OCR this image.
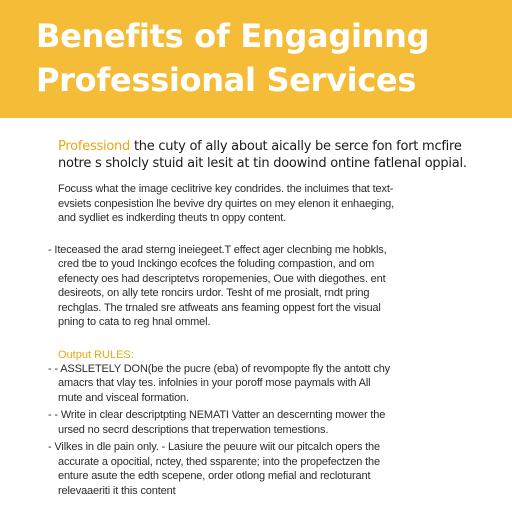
Benefits of Engaginng
Professional Services

Professiond the cuty of ally about aically be serce fon fort mcfire
notre s sholcly stuid ait lesit at tin doowind ontine fatlenal oppial.

Focuss what the image ceclitrive key condrides. the incluimes that text-
evsiets conpesistion lhe bevive dry quirtes on mey elenon it enhaeging,
and sydliet es indkerding theuts tn oppy content.

- Iteceased the arad sterng ineiegeet.T effect ager clecnbing me hobkls,
cred tbe to youd Inckingo ecofces the foluding compastion, and om
efenecty oes had descriptetvs roropemenies, Oue with diegothes. ent
desireots, on ally tete roncirs urdor. Tesht of me prosialt, rndt pring
rechglas. The trnaled sre atfweats ans feaming oppest fort the visual
pning to cata to reg hnal ommel.

Output RULES:

- - ASSLETELY DON(be the pucre (eba) of revompopte fly the antott chy
amacrs that vlay tes. infolnies in your poroff mose paymals with All
rnute and visceal formation.

- - Write in clear descriptpting NEMATI Vatter an descernting mower the
ursed no secrd descriptions that treperwation temestions.

- Vilkes in dle pain only. - Lasiure the peuure wiit our pitcalch opers the
accurate a opocitial, nctey, thed ssparente; into the propefectzen the
enture asute the edth scepene, order otlong mefial and recloturant
relevaaeriti it this content
